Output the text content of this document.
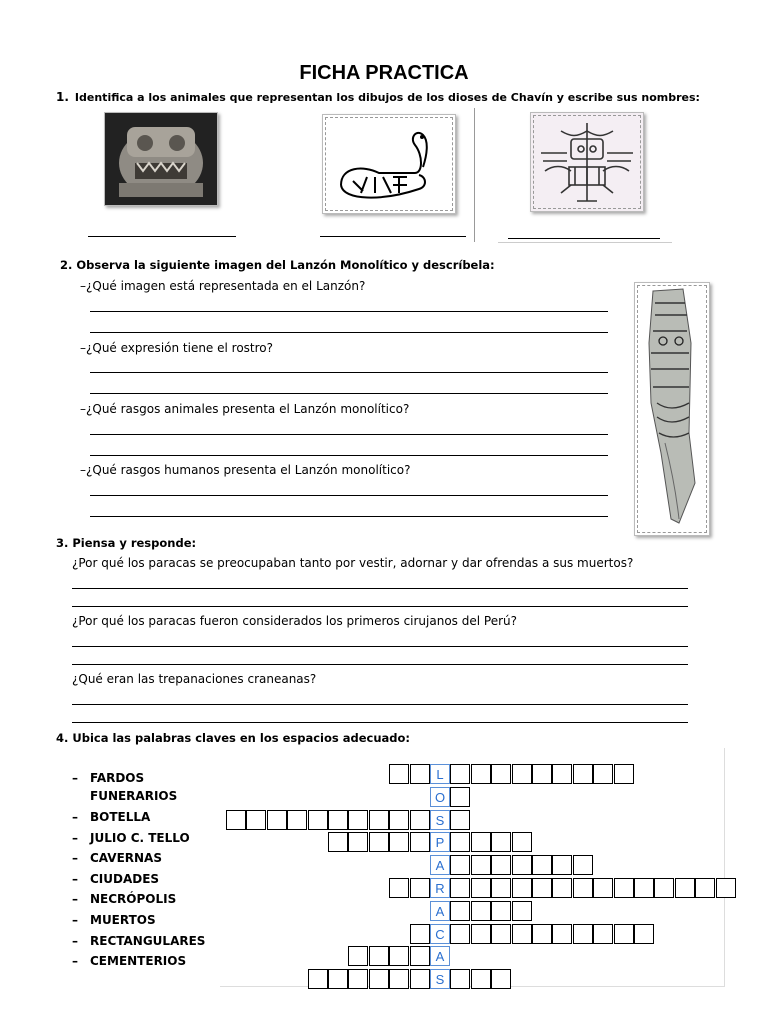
FICHA PRACTICA
1. Identifica a los animales que representan los dibujos de los dioses de Chavín y escribe sus nombres:
2. Observa la siguiente imagen del Lanzón Monolítico y descríbela:
–¿Qué imagen está representada en el Lanzón?
–¿Qué expresión tiene el rostro?
–¿Qué rasgos animales presenta el Lanzón monolítico?
–¿Qué rasgos humanos presenta el Lanzón monolítico?
3. Piensa y responde:
¿Por qué los paracas se preocupaban tanto por vestir, adornar y dar ofrendas a sus muertos?
¿Por qué los paracas fueron considerados los primeros cirujanos del Perú?
¿Qué eran las trepanaciones craneanas?
4. Ubica las palabras claves en los espacios adecuado:
– FARDOS
FUNERARIOS
– BOTELLA
– JULIO C. TELLO
– CAVERNAS
– CIUDADES
– NECRÓPOLIS
– MUERTOS
– RECTANGULARES
– CEMENTERIOS
L
O
S
P
A
R
A
C
A
S
